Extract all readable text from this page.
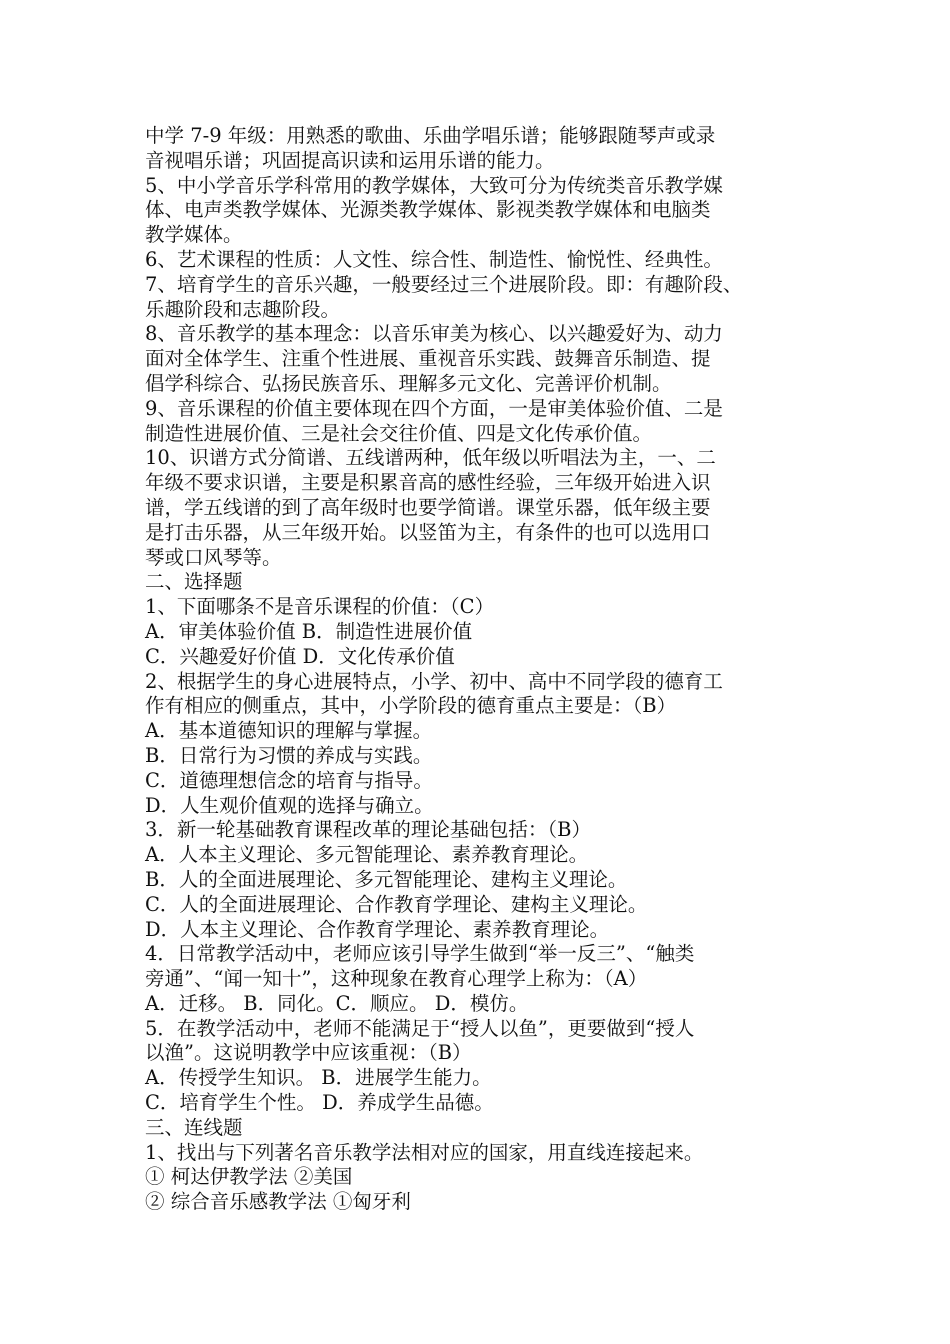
中学 7-9 年级：用熟悉的歌曲、乐曲学唱乐谱；能够跟随琴声或录
音视唱乐谱；巩固提高识读和运用乐谱的能力。
5、中小学音乐学科常用的教学媒体，大致可分为传统类音乐教学媒
体、电声类教学媒体、光源类教学媒体、影视类教学媒体和电脑类
教学媒体。
6、艺术课程的性质：人文性、综合性、制造性、愉悦性、经典性。
7、培育学生的音乐兴趣，一般要经过三个进展阶段。即：有趣阶段、
乐趣阶段和志趣阶段。
8、音乐教学的基本理念：以音乐审美为核心、以兴趣爱好为、动力
面对全体学生、注重个性进展、重视音乐实践、鼓舞音乐制造、提
倡学科综合、弘扬民族音乐、理解多元文化、完善评价机制。
9、音乐课程的价值主要体现在四个方面，一是审美体验价值、二是
制造性进展价值、三是社会交往价值、四是文化传承价值。
10、识谱方式分简谱、五线谱两种，低年级以听唱法为主，一、二
年级不要求识谱，主要是积累音高的感性经验，三年级开始进入识
谱，学五线谱的到了高年级时也要学简谱。课堂乐器，低年级主要
是打击乐器，从三年级开始。以竖笛为主，有条件的也可以选用口
琴或口风琴等。
二、选择题
1、下面哪条不是音乐课程的价值：（C）
A．审美体验价值 B．制造性进展价值
C．兴趣爱好价值 D．文化传承价值
2、根据学生的身心进展特点，小学、初中、高中不同学段的德育工
作有相应的侧重点，其中，小学阶段的德育重点主要是：（B）
A．基本道德知识的理解与掌握。
B．日常行为习惯的养成与实践。
C．道德理想信念的培育与指导。
D．人生观价值观的选择与确立。
3．新一轮基础教育课程改革的理论基础包括：（B）
A．人本主义理论、多元智能理论、素养教育理论。
B．人的全面进展理论、多元智能理论、建构主义理论。
C．人的全面进展理论、合作教育学理论、建构主义理论。
D．人本主义理论、合作教育学理论、素养教育理论。
4．日常教学活动中，老师应该引导学生做到“举一反三”、“触类
旁通”、“闻一知十”，这种现象在教育心理学上称为：（A）
A．迁移。 B．同化。C．顺应。 D．模仿。
5．在教学活动中，老师不能满足于“授人以鱼”，更要做到“授人
以渔”。这说明教学中应该重视：（B）
A．传授学生知识。 B．进展学生能力。
C．培育学生个性。 D．养成学生品德。
三、连线题
1、找出与下列著名音乐教学法相对应的国家，用直线连接起来。
① 柯达伊教学法 ②美国
② 综合音乐感教学法 ①匈牙利
